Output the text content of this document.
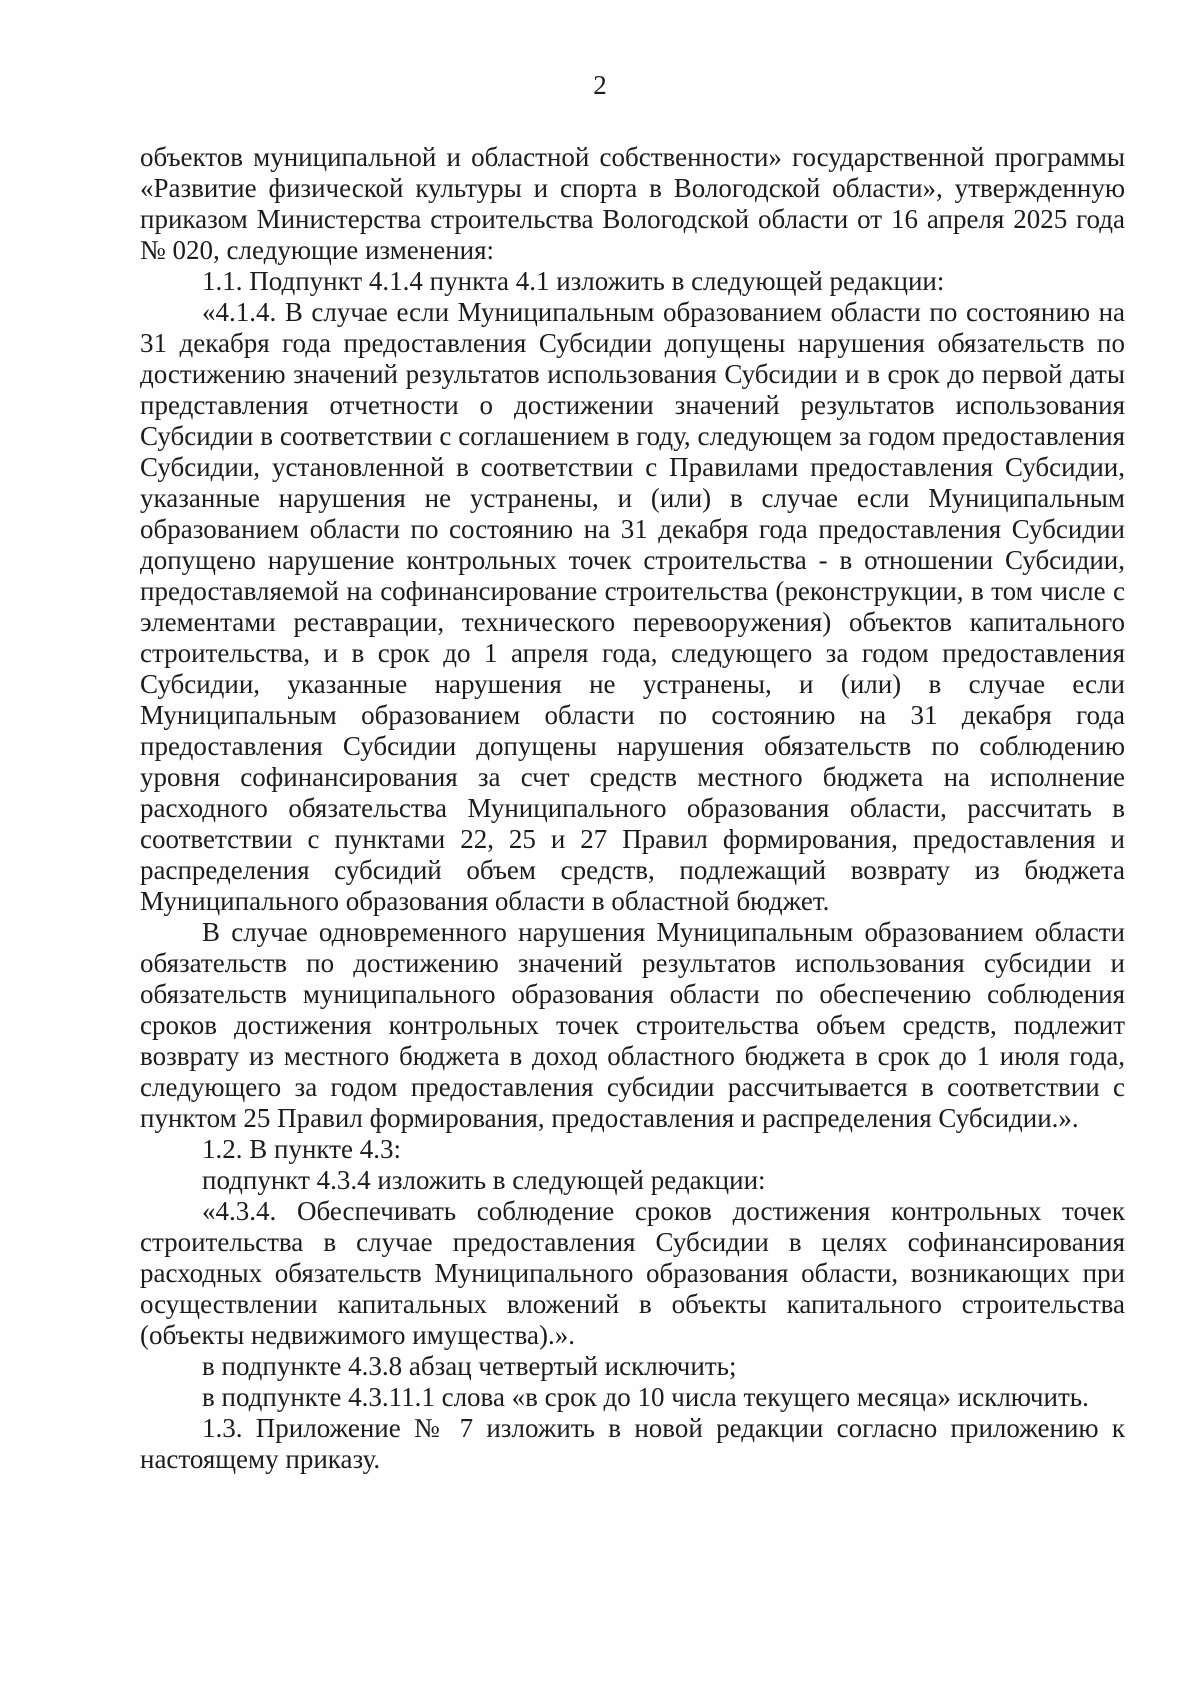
2

объектов муниципальной и областной собственности» государственной программы «Развитие физической культуры и спорта в Вологодской области», утвержденную приказом Министерства строительства Вологодской области от 16 апреля 2025 года № 020, следующие изменения:

1.1. Подпункт 4.1.4 пункта 4.1 изложить в следующей редакции:

«4.1.4. В случае если Муниципальным образованием области по состоянию на 31 декабря года предоставления Субсидии допущены нарушения обязательств по достижению значений результатов использования Субсидии и в срок до первой даты представления отчетности о достижении значений результатов использования Субсидии в соответствии с соглашением в году, следующем за годом предоставления Субсидии, установленной в соответствии с Правилами предоставления Субсидии, указанные нарушения не устранены, и (или) в случае если Муниципальным образованием области по состоянию на 31 декабря года предоставления Субсидии допущено нарушение контрольных точек строительства - в отношении Субсидии, предоставляемой на софинансирование строительства (реконструкции, в том числе с элементами реставрации, технического перевооружения) объектов капитального строительства, и в срок до 1 апреля года, следующего за годом предоставления Субсидии, указанные нарушения не устранены, и (или) в случае если Муниципальным образованием области по состоянию на 31 декабря года предоставления Субсидии допущены нарушения обязательств по соблюдению уровня софинансирования за счет средств местного бюджета на исполнение расходного обязательства Муниципального образования области, рассчитать в соответствии с пунктами 22, 25 и 27 Правил формирования, предоставления и распределения субсидий объем средств, подлежащий возврату из бюджета Муниципального образования области в областной бюджет.

В случае одновременного нарушения Муниципальным образованием области обязательств по достижению значений результатов использования субсидии и обязательств муниципального образования области по обеспечению соблюдения сроков достижения контрольных точек строительства объем средств, подлежит возврату из местного бюджета в доход областного бюджета в срок до 1 июля года, следующего за годом предоставления субсидии рассчитывается в соответствии с пунктом 25 Правил формирования, предоставления и распределения Субсидии.».

1.2. В пункте 4.3:

подпункт 4.3.4 изложить в следующей редакции:

«4.3.4. Обеспечивать соблюдение сроков достижения контрольных точек строительства в случае предоставления Субсидии в целях софинансирования расходных обязательств Муниципального образования области, возникающих при осуществлении капитальных вложений в объекты капитального строительства (объекты недвижимого имущества).».

в подпункте 4.3.8 абзац четвертый исключить;

в подпункте 4.3.11.1 слова «в срок до 10 числа текущего месяца» исключить.

1.3. Приложение № 7 изложить в новой редакции согласно приложению к настоящему приказу.
